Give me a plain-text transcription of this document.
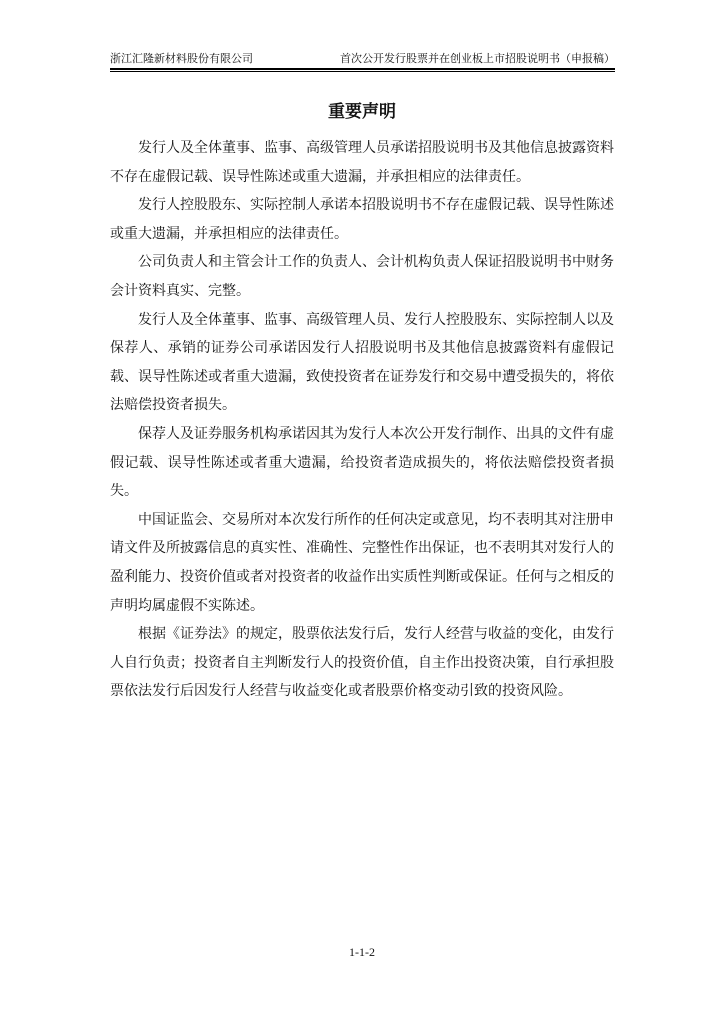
浙江汇隆新材料股份有限公司	首次公开发行股票并在创业板上市招股说明书（申报稿）
重要声明

发行人及全体董事、监事、高级管理人员承诺招股说明书及其他信息披露资料不存在虚假记载、误导性陈述或重大遗漏，并承担相应的法律责任。

发行人控股股东、实际控制人承诺本招股说明书不存在虚假记载、误导性陈述或重大遗漏，并承担相应的法律责任。

公司负责人和主管会计工作的负责人、会计机构负责人保证招股说明书中财务会计资料真实、完整。

发行人及全体董事、监事、高级管理人员、发行人控股股东、实际控制人以及保荐人、承销的证券公司承诺因发行人招股说明书及其他信息披露资料有虚假记载、误导性陈述或者重大遗漏，致使投资者在证券发行和交易中遭受损失的，将依法赔偿投资者损失。

保荐人及证券服务机构承诺因其为发行人本次公开发行制作、出具的文件有虚假记载、误导性陈述或者重大遗漏，给投资者造成损失的，将依法赔偿投资者损失。

中国证监会、交易所对本次发行所作的任何决定或意见，均不表明其对注册申请文件及所披露信息的真实性、准确性、完整性作出保证，也不表明其对发行人的盈利能力、投资价值或者对投资者的收益作出实质性判断或保证。任何与之相反的声明均属虚假不实陈述。

根据《证券法》的规定，股票依法发行后，发行人经营与收益的变化，由发行人自行负责；投资者自主判断发行人的投资价值，自主作出投资决策，自行承担股票依法发行后因发行人经营与收益变化或者股票价格变动引致的投资风险。

1-1-2
